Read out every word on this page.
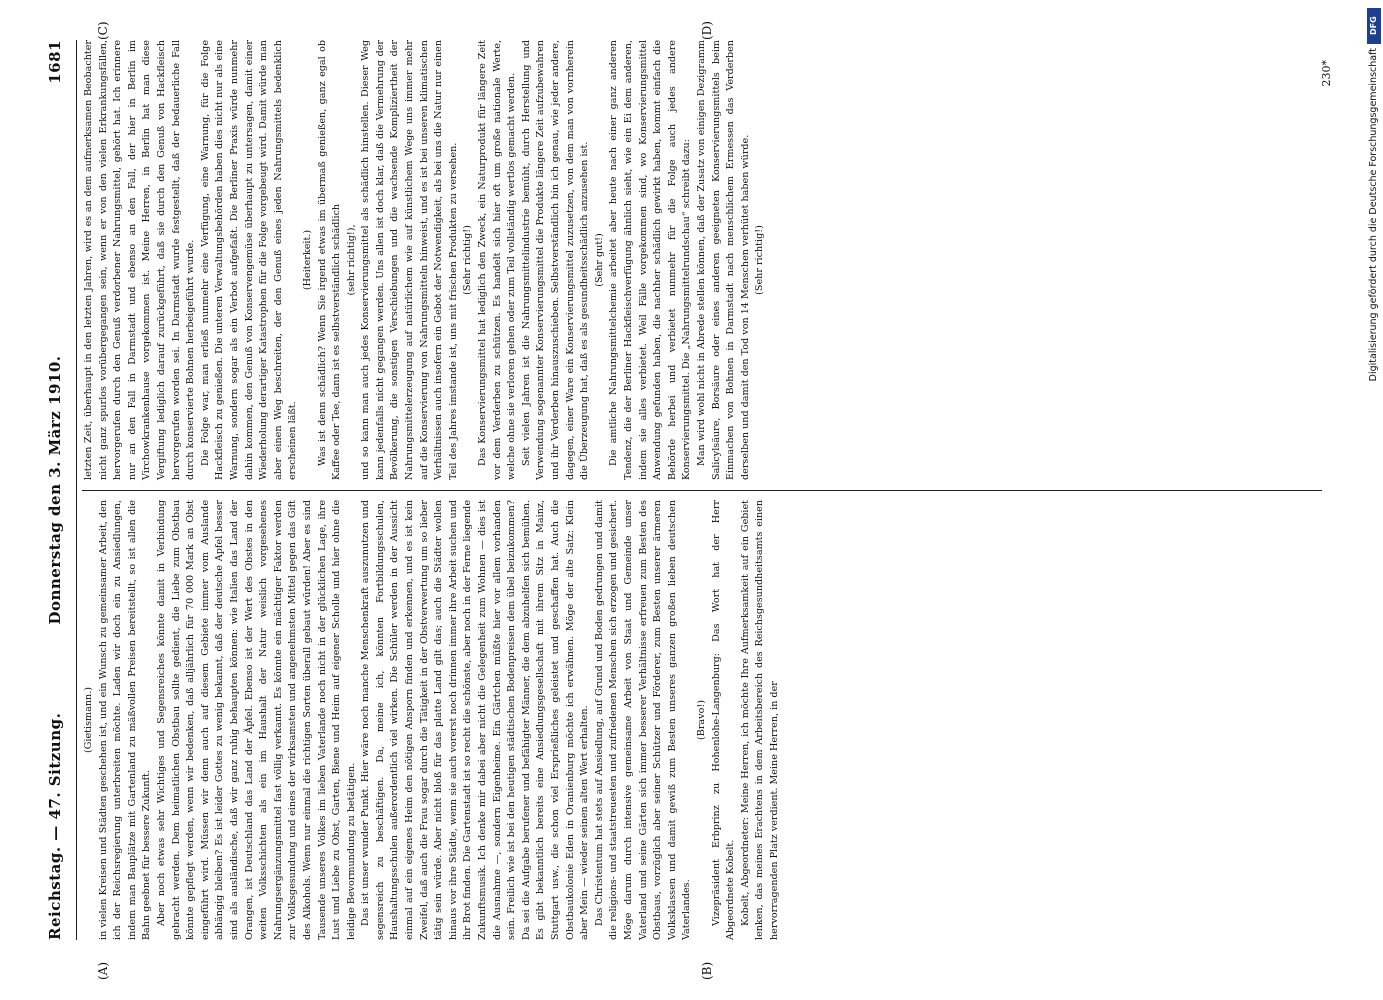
Reichstag. — 47. Sitzung.
Donnerstag den 3. März 1910.
1681

(Gietismann.) in vielen Kreisen und Städten geschehen ist, und ein Wunsch zu gemeinsamer Arbeit, den ich der Reichsregierung unterbreiten möchte. Laden wir doch ein zu Ansiedlungen, indem man Bauplätze mit Gartenland zu mäßvollen Preisen bereitstellt, so ist allen die Bahn geebnet für bessere Zukunft. Aber noch etwas sehr Wichtiges und Segensreiches könnte damit in Verbindung gebracht werden. Dem heimatlichen Obstbau sollte gedient, die Liebe zum Obstbau könnte gepflegt werden, wenn wir bedenken, daß alljährlich für 70 000 Mark an Obst eingeführt wird. Müssen wir denn auch auf diesem Gebiete immer vom Auslande abhängig bleiben? Es ist leider Gottes zu wenig bekannt, daß der deutsche Apfel besser sind als ausländische, daß wir ganz ruhig behaupten können: wie Italien das Land der Orangen, ist Deutschland das Land der Äpfel. Ebenso ist der Wert des Obstes in den weiten Volksschichten als ein im Haushalt der Natur weislich vorgesehenes Nahrungsergänzungsmittel fast völlig verkannt. Es könnte ein mächtiger Faktor werden zur Volksgesundung und eines der wirksamsten und angenehmsten Mittel gegen das Gift des Alkohols. Wenn nur einmal die richtigen Sorten überall gebaut würden! Aber es sind Tausende unseres Volkes im lieben Vaterlande noch nicht in der glücklichen Lage, ihre Lust und Liebe zu Obst, Garten, Biene und Heim auf eigener Scholle und hier ohne die leidige Bevormundung zu betätigen. Das ist unser wunder Punkt. Hier wäre noch manche Menschenkraft auszunutzen und segensreich zu beschäftigen. Da, meine ich, könnten Fortbildungsschulen, Haushaltungsschulen außerordentlich viel wirken. Die Schüler werden in der Aussicht einmal auf ein eigenes Heim den nötigen Ansporn finden und erkennen, und es ist kein Zweifel, daß auch die Frau sogar durch die Tätigkeit in der Obstverwertung um so lieber tätig sein würde. Aber nicht bloß für das platte Land gilt das; auch die Städter wollen hinaus vor ihre Städte, wenn sie auch vorerst noch drinnen immer ihre Arbeit suchen und ihr Brot finden. Die Gartenstadt ist so recht die schönste, aber noch in der Ferne liegende Zukunftsmusik. Ich denke mir dabei aber nicht die Gelegenheit zum Wohnen — dies ist die Ausnahme —, sondern Eigenheime. Ein Gärtchen müßte hier vor allem vorhanden sein. Freilich wie ist bei den heutigen städtischen Bodenpreisen dem übel beizukommen? Da sei die Aufgabe berufener und befähigter Männer, die dem abzuhelfen sich bemühen. Es gibt bekanntlich bereits eine Ansiedlungsgesellschaft mit ihrem Sitz in Mainz, Stuttgart usw., die schon viel Ersprießliches geleistet und geschaffen hat. Auch die Obstbaukolonie Eden in Oranienburg möchte ich erwähnen. Möge der alte Satz: Klein aber Mein — wieder seinen alten Wert erhalten. Das Christentum hat stets auf Ansiedlung, auf Grund und Boden gedrungen und damit die religions- und staatstreuesten und zufriedenen Menschen sich erzogen und gesichert. Möge darum durch intensive gemeinsame Arbeit von Staat und Gemeinde unser Vaterland und seine Gärten sich immer besserer Verhältnisse erfreuen zum Besten des Obstbaus, vorzüglich aber seiner Schützer und Förderer, zum Besten unserer ärmeren Volksklassen und damit gewiß zum Besten unseres ganzen großen lieben deutschen Vaterlandes.

(Bravo!) Vizepräsident Erbprinz zu Hohenlohe-Langenburg: Das Wort hat der Herr Abgeordnete Kobelt. Kobelt, Abgeordneter: Meine Herren, ich möchte Ihre Aufmerksamkeit auf ein Gebiet lenken, das meines Erachtens in dem Arbeitsbereich des Reichsgesundheitsamts einen hervorragenden Platz verdient. Meine Herren, in der

letzten Zeit, überhaupt in den letzten Jahren, wird es an dem aufmerksamen Beobachter nicht ganz spurlos vorübergegangen sein, wenn er von den vielen Erkrankungsfällen, hervorgerufen durch den Genuß verdorbener Nahrungsmittel, gehört hat. Ich erinnere nur an den Fall in Darmstadt und ebenso an den Fall, der hier in Berlin im Virchowkrankenhause vorgekommen ist. Meine Herren, in Berlin hat man diese Vergiftung lediglich darauf zurückgeführt, daß sie durch den Genuß von Hackfleisch hervorgerufen worden sei. In Darmstadt wurde festgestellt, daß der bedauerliche Fall durch konservierte Bohnen herbeigeführt wurde. Die Folge war, man erließ nunmehr eine Verfügung, eine Warnung, für die Folge Hackfleisch zu genießen. Die unteren Verwaltungsbehörden haben dies nicht nur als eine Warnung, sondern sogar als ein Verbot aufgefaßt. Die Berliner Praxis würde nunmehr dahin kommen, den Genuß von Konservengemüse überhaupt zu untersagen, damit einer Wiederholung derartiger Katastrophen für die Folge vorgebeugt wird. Damit würde man aber einen Weg beschreiten, der den Genuß eines jeden Nahrungsmittels bedenklich erscheinen läßt.

(Heiterkeit.) Was ist denn schädlich? Wenn Sie irgend etwas im übermaß genießen, ganz egal ob Kaffee oder Tee, dann ist es selbstverständlich schädlich (sehr richtig!), und so kann man auch jedes Konservierungsmittel als schädlich hinstellen. Dieser Weg kann jedenfalls nicht gegangen werden. Uns allen ist doch klar, daß die Vermehrung der Bevölkerung, die sonstigen Verschiebungen und die wachsende Kompliziertheit der Nahrungsmittelerzeugung auf natürlichem wie auf künstlichem Wege uns immer mehr auf die Konservierung von Nahrungsmitteln hinweist, und es ist bei unseren klimatischen Verhältnissen auch insofern ein Gebot der Notwendigkeit, als bei uns die Natur nur einen Teil des Jahres imstande ist, uns mit frischen Produkten zu versehen. (Sehr richtig!) Das Konservierungsmittel hat lediglich den Zweck, ein Naturprodukt für längere Zeit vor dem Verderben zu schützen. Es handelt sich hier oft um große nationale Werte, welche ohne sie verloren gehen oder zum Teil vollständig wertlos gemacht werden. Seit vielen Jahren ist die Nahrungsmittelindustrie bemüht, durch Herstellung und Verwendung sogenannter Konservierungsmittel die Produkte längere Zeit aufzubewahren und ihr Verderben hinauszuschieben. Selbstverständlich bin ich genau, wie jeder andere, dagegen, einer Ware ein Konservierungsmittel zuzusetzen, von dem man von vornherein die Überzeugung hat, daß es als gesundheitsschädlich anzusehen ist. (Sehr gut!) Die amtliche Nahrungsmittelchemie arbeitet aber heute nach einer ganz anderen Tendenz, die der Berliner Hackfleischverfügung ähnlich sieht, wie ein Ei dem anderen, indem sie alles verbietet. Weil Fälle vorgekommen sind, wo Konservierungsmittel Anwendung gefunden haben, die nachher schädlich gewirkt haben, kommt einfach die Behörde herbei und verbietet nunmehr für die Folge auch jedes andere Konservierungsmittel. Die „Nahrungsmittelrundschau“ schreibt dazu: Man wird wohl nicht in Abrede stellen können, daß der Zusatz von einigen Dezigramm Salicylsäure, Borsäure oder eines anderen geeigneten Konservierungsmittels beim Einmachen von Bohnen in Darmstadt nach menschlichem Ermessen das Verderben derselben und damit den Tod von 14 Menschen verhütet haben würde. (Sehr richtig!)

(A)	(B)
(C)	(D)
230*
DFG
Digitalisierung gefördert durch die Deutsche Forschungsgemeinschaft
